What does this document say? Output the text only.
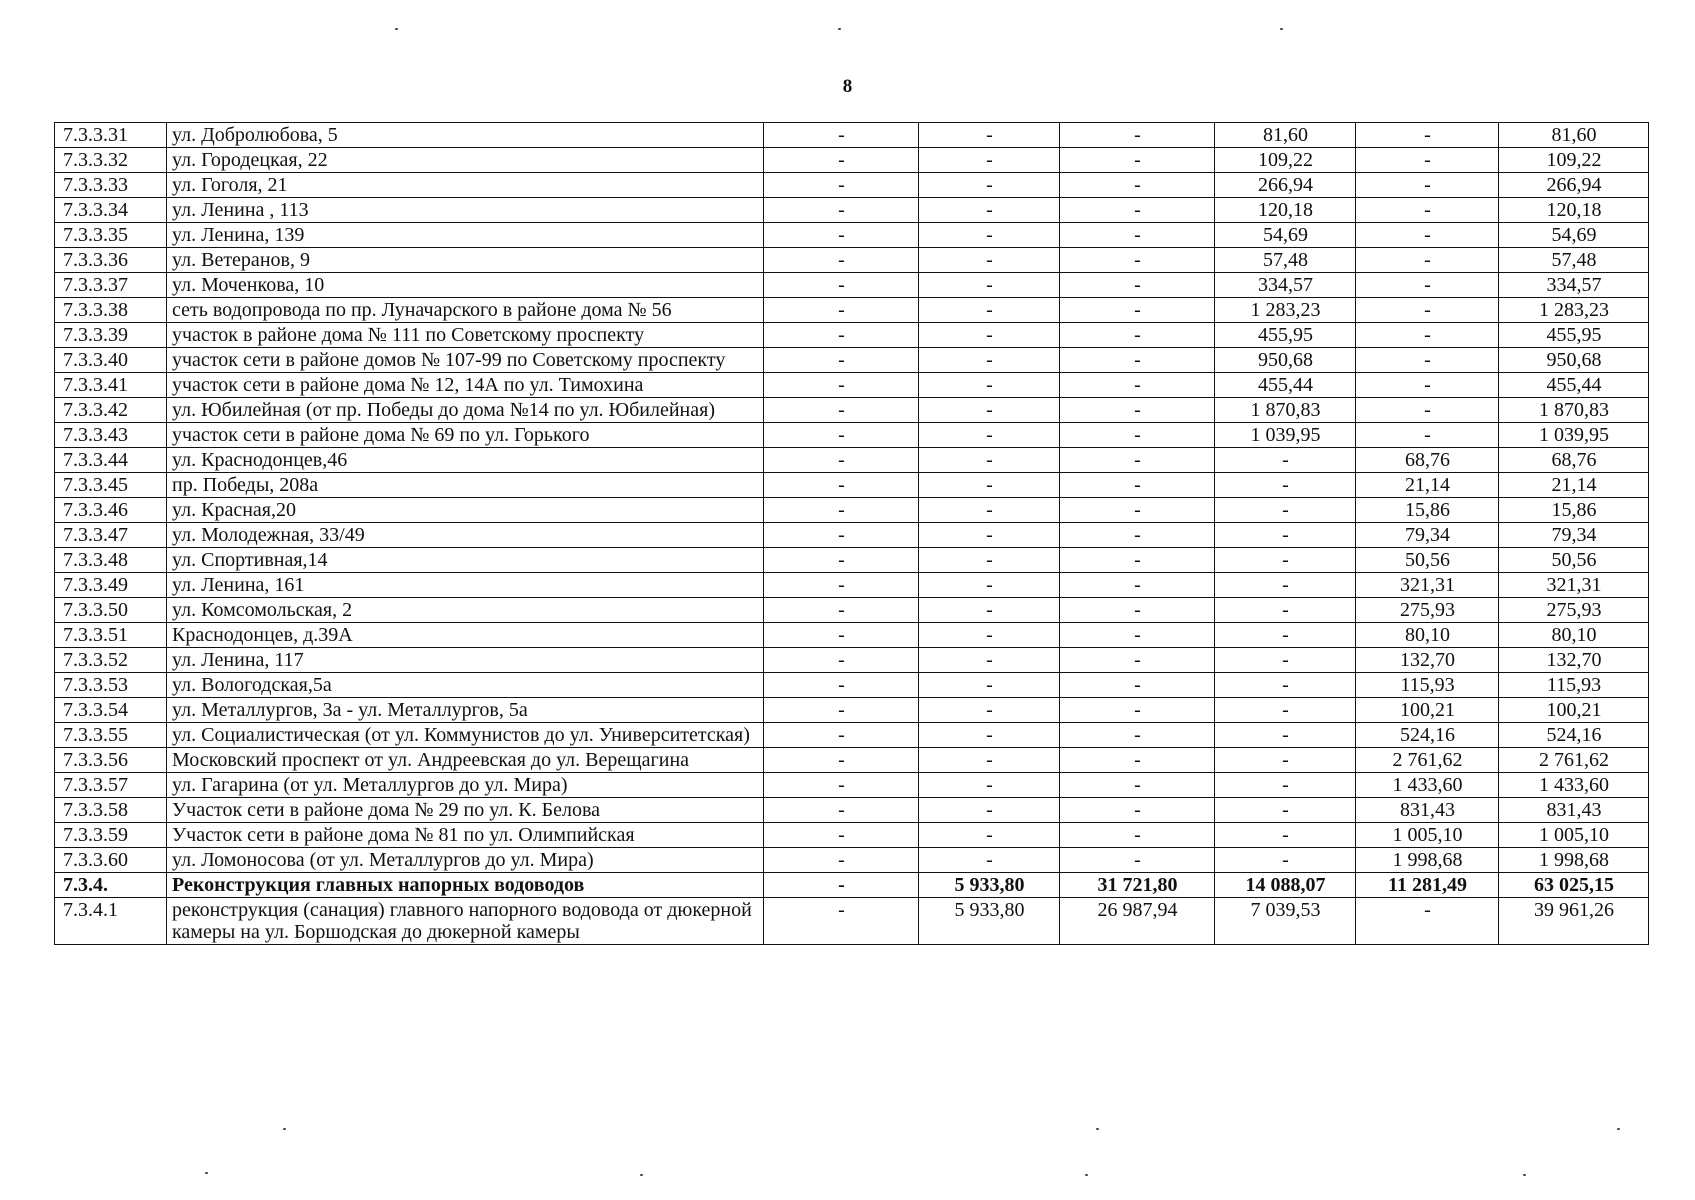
8
7.3.3.31	ул. Добролюбова, 5	-	-	-	81,60	-	81,60
7.3.3.32	ул. Городецкая, 22	-	-	-	109,22	-	109,22
7.3.3.33	ул. Гоголя, 21	-	-	-	266,94	-	266,94
7.3.3.34	ул. Ленина , 113	-	-	-	120,18	-	120,18
7.3.3.35	ул. Ленина, 139	-	-	-	54,69	-	54,69
7.3.3.36	ул. Ветеранов, 9	-	-	-	57,48	-	57,48
7.3.3.37	ул. Моченкова, 10	-	-	-	334,57	-	334,57
7.3.3.38	сеть водопровода по пр. Луначарского в районе дома № 56	-	-	-	1 283,23	-	1 283,23
7.3.3.39	участок в районе дома № 111 по Советскому проспекту	-	-	-	455,95	-	455,95
7.3.3.40	участок сети в районе домов № 107-99 по Советскому проспекту	-	-	-	950,68	-	950,68
7.3.3.41	участок сети в районе дома № 12, 14А по ул. Тимохина	-	-	-	455,44	-	455,44
7.3.3.42	ул. Юбилейная (от пр. Победы до дома №14 по ул. Юбилейная)	-	-	-	1 870,83	-	1 870,83
7.3.3.43	участок сети в районе дома № 69 по ул. Горького	-	-	-	1 039,95	-	1 039,95
7.3.3.44	ул. Краснодонцев,46	-	-	-	-	68,76	68,76
7.3.3.45	пр. Победы, 208а	-	-	-	-	21,14	21,14
7.3.3.46	ул. Красная,20	-	-	-	-	15,86	15,86
7.3.3.47	ул. Молодежная, 33/49	-	-	-	-	79,34	79,34
7.3.3.48	ул. Спортивная,14	-	-	-	-	50,56	50,56
7.3.3.49	ул. Ленина, 161	-	-	-	-	321,31	321,31
7.3.3.50	ул. Комсомольская, 2	-	-	-	-	275,93	275,93
7.3.3.51	Краснодонцев, д.39А	-	-	-	-	80,10	80,10
7.3.3.52	ул. Ленина, 117	-	-	-	-	132,70	132,70
7.3.3.53	ул. Вологодская,5а	-	-	-	-	115,93	115,93
7.3.3.54	ул. Металлургов, 3а - ул. Металлургов, 5а	-	-	-	-	100,21	100,21
7.3.3.55	ул. Социалистическая (от ул. Коммунистов до ул. Университетская)	-	-	-	-	524,16	524,16
7.3.3.56	Московский проспект от ул. Андреевская до ул. Верещагина	-	-	-	-	2 761,62	2 761,62
7.3.3.57	ул. Гагарина (от ул. Металлургов до ул. Мира)	-	-	-	-	1 433,60	1 433,60
7.3.3.58	Участок сети в районе дома № 29 по ул. К. Белова	-	-	-	-	831,43	831,43
7.3.3.59	Участок сети в районе дома № 81 по ул. Олимпийская	-	-	-	-	1 005,10	1 005,10
7.3.3.60	ул. Ломоносова (от ул. Металлургов до ул. Мира)	-	-	-	-	1 998,68	1 998,68
7.3.4.	Реконструкция главных напорных водоводов	-	5 933,80	31 721,80	14 088,07	11 281,49	63 025,15
7.3.4.1	реконструкция (санация) главного напорного водовода от дюкерной камеры на ул. Боршодская до дюкерной камеры	-	5 933,80	26 987,94	7 039,53	-	39 961,26
